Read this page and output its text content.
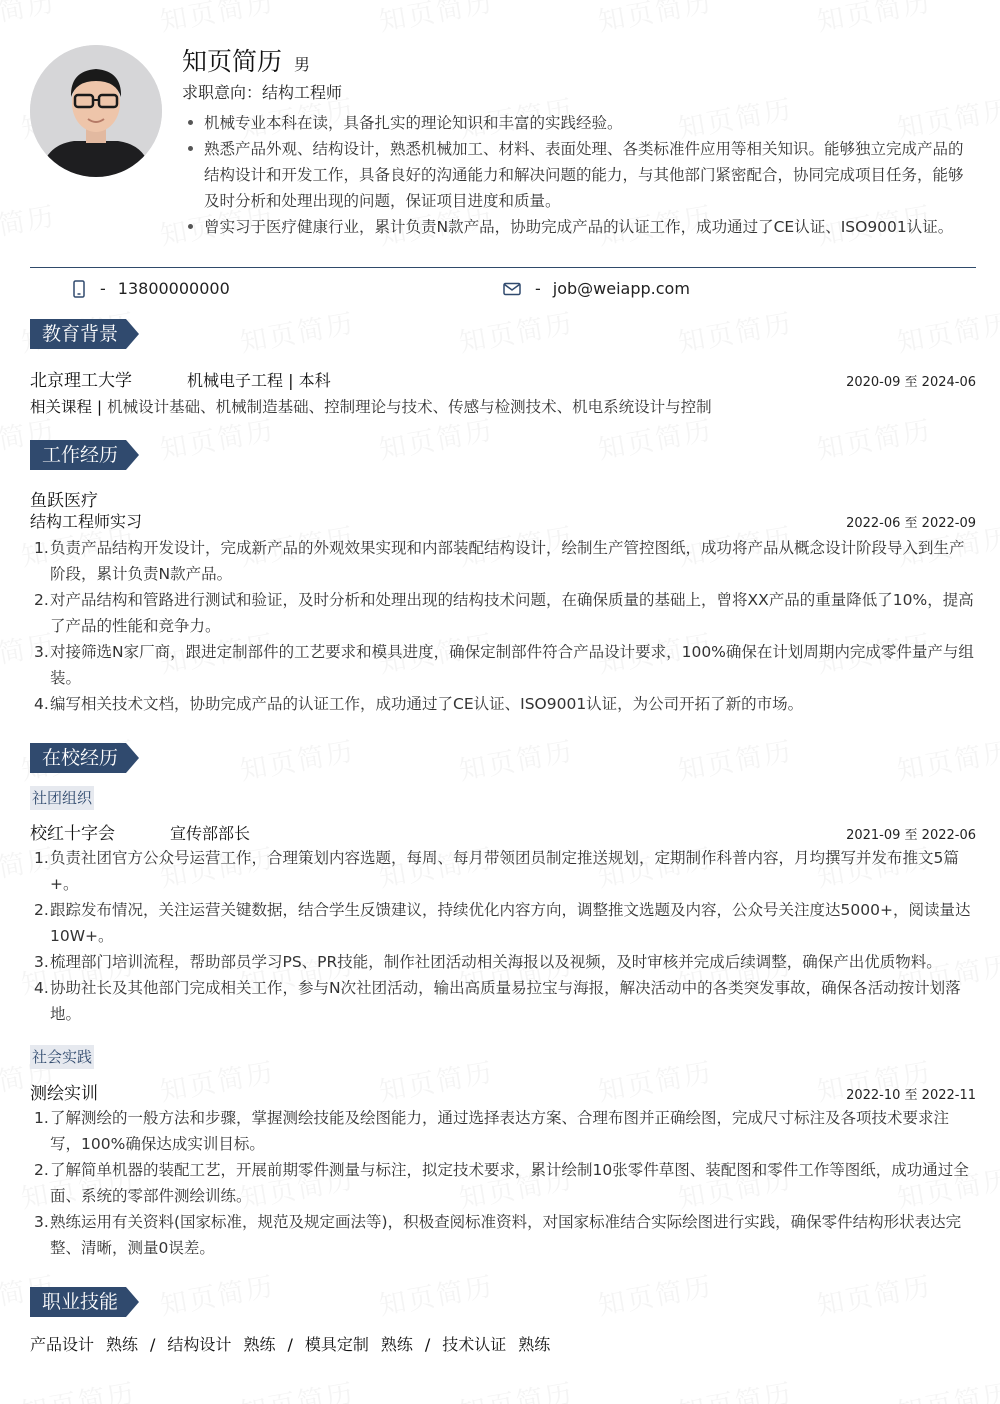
知页简历 男
求职意向：结构工程师
机械专业本科在读，具备扎实的理论知识和丰富的实践经验。
熟悉产品外观、结构设计，熟悉机械加工、材料、表面处理、各类标准件应用等相关知识。能够独立完成产品的结构设计和开发工作，具备良好的沟通能力和解决问题的能力，与其他部门紧密配合，协同完成项目任务，能够及时分析和处理出现的问题，保证项目进度和质量。
曾实习于医疗健康行业，累计负责N款产品，协助完成产品的认证工作，成功通过了CE认证、ISO9001认证。
- 13800000000	- job@weiapp.com
教育背景
北京理工大学	机械电子工程 | 本科	2020-09 至 2024-06
相关课程 | 机械设计基础、机械制造基础、控制理论与技术、传感与检测技术、机电系统设计与控制
工作经历
鱼跃医疗
结构工程师实习	2022-06 至 2022-09
1. 负责产品结构开发设计，完成新产品的外观效果实现和内部装配结构设计，绘制生产管控图纸，成功将产品从概念设计阶段导入到生产阶段，累计负责N款产品。
2. 对产品结构和管路进行测试和验证，及时分析和处理出现的结构技术问题，在确保质量的基础上，曾将XX产品的重量降低了10%，提高了产品的性能和竞争力。
3. 对接筛选N家厂商，跟进定制部件的工艺要求和模具进度，确保定制部件符合产品设计要求，100%确保在计划周期内完成零件量产与组装。
4. 编写相关技术文档，协助完成产品的认证工作，成功通过了CE认证、ISO9001认证，为公司开拓了新的市场。
在校经历
社团组织
校红十字会	宣传部部长	2021-09 至 2022-06
1. 负责社团官方公众号运营工作，合理策划内容选题，每周、每月带领团员制定推送规划，定期制作科普内容，月均撰写并发布推文5篇+。
2. 跟踪发布情况，关注运营关键数据，结合学生反馈建议，持续优化内容方向，调整推文选题及内容，公众号关注度达5000+，阅读量达10W+。
3. 梳理部门培训流程，帮助部员学习PS、PR技能，制作社团活动相关海报以及视频，及时审核并完成后续调整，确保产出优质物料。
4. 协助社长及其他部门完成相关工作，参与N次社团活动，输出高质量易拉宝与海报，解决活动中的各类突发事故，确保各活动按计划落地。
社会实践
测绘实训	2022-10 至 2022-11
1. 了解测绘的一般方法和步骤，掌握测绘技能及绘图能力，通过选择表达方案、合理布图并正确绘图，完成尺寸标注及各项技术要求注写，100%确保达成实训目标。
2. 了解简单机器的装配工艺，开展前期零件测量与标注，拟定技术要求，累计绘制10张零件草图、装配图和零件工作等图纸，成功通过全面、系统的零部件测绘训练。
3. 熟练运用有关资料(国家标准，规范及规定画法等)，积极查阅标准资料，对国家标准结合实际绘图进行实践，确保零件结构形状表达完整、清晰，测量0误差。
职业技能
产品设计 熟练 / 结构设计 熟练 / 模具定制 熟练 / 技术认证 熟练
